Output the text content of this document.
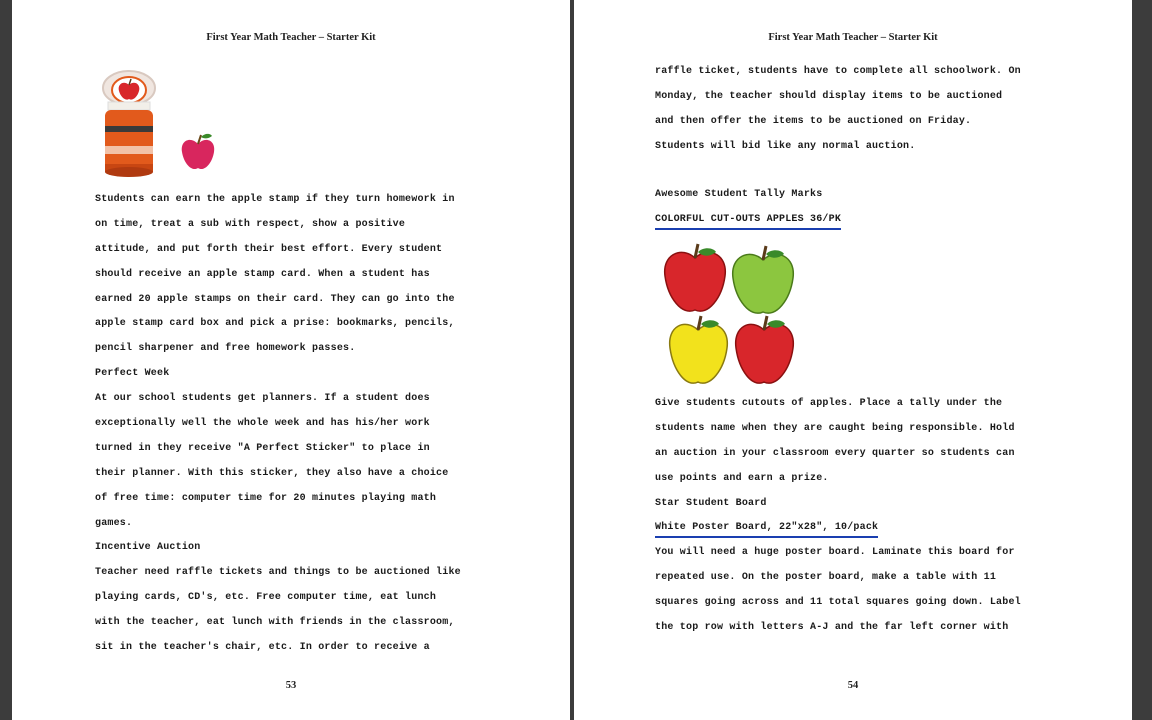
First Year Math Teacher – Starter Kit
Students can earn the apple stamp if they turn homework in
on time, treat a sub with respect, show a positive
attitude, and put forth their best effort. Every student
should receive an apple stamp card. When a student has
earned 20 apple stamps on their card. They can go into the
apple stamp card box and pick a prise: bookmarks, pencils,
pencil sharpener and free homework passes.
Perfect Week
At our school students get planners. If a student does
exceptionally well the whole week and has his/her work
turned in they receive "A Perfect Sticker" to place in
their planner. With this sticker, they also have a choice
of free time: computer time for 20 minutes playing math
games.
Incentive Auction
Teacher need raffle tickets and things to be auctioned like
playing cards, CD's, etc. Free computer time, eat lunch
with the teacher, eat lunch with friends in the classroom,
sit in the teacher's chair, etc. In order to receive a
53
First Year Math Teacher – Starter Kit
raffle ticket, students have to complete all schoolwork. On
Monday, the teacher should display items to be auctioned
and then offer the items to be auctioned on Friday.
Students will bid like any normal auction.
Awesome Student Tally Marks
COLORFUL CUT-OUTS APPLES 36/PK
Give students cutouts of apples. Place a tally under the
students name when they are caught being responsible. Hold
an auction in your classroom every quarter so students can
use points and earn a prize.
Star Student Board
White Poster Board, 22"x28", 10/pack
You will need a huge poster board. Laminate this board for
repeated use. On the poster board, make a table with 11
squares going across and 11 total squares going down. Label
the top row with letters A-J and the far left corner with
54
